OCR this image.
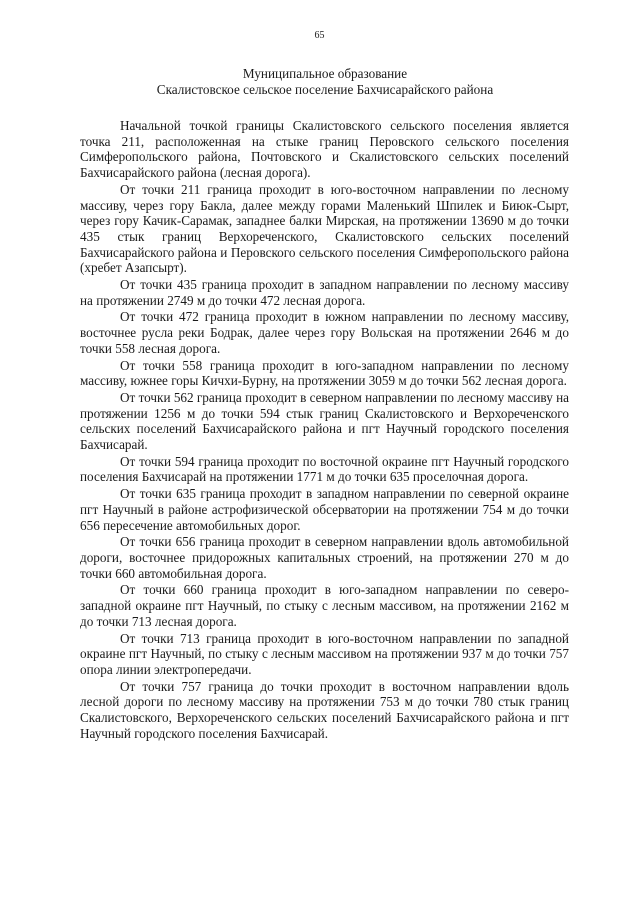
65
Муниципальное образование
Скалистовское сельское поселение Бахчисарайского района

Начальной точкой границы Скалистовского сельского поселения является точка 211, расположенная на стыке границ Перовского сельского поселения Симферопольского района, Почтовского и Скалистовского сельских поселений Бахчисарайского района (лесная дорога).

От точки 211 граница проходит в юго-восточном направлении по лесному массиву, через гору Бакла, далее между горами Маленький Шпилек и Биюк-Сырт, через гору Качик-Сарамак, западнее балки Мирская, на протяжении 13690 м до точки 435 стык границ Верхореченского, Скалистовского сельских поселений Бахчисарайского района и Перовского сельского поселения Симферопольского района (хребет Азапсырт).

От точки 435 граница проходит в западном направлении по лесному массиву на протяжении 2749 м до точки 472 лесная дорога.

От точки 472 граница проходит в южном направлении по лесному массиву, восточнее русла реки Бодрак, далее через гору Вольская на протяжении 2646 м до точки 558 лесная дорога.

От точки 558 граница проходит в юго-западном направлении по лесному массиву, южнее горы Кичхи-Бурну, на протяжении 3059 м до точки 562 лесная дорога.

От точки 562 граница проходит в северном направлении по лесному массиву на протяжении 1256 м до точки 594 стык границ Скалистовского и Верхореченского сельских поселений Бахчисарайского района и пгт Научный городского поселения Бахчисарай.

От точки 594 граница проходит по восточной окраине пгт Научный городского поселения Бахчисарай на протяжении 1771 м до точки 635 проселочная дорога.

От точки 635 граница проходит в западном направлении по северной окраине пгт Научный в районе астрофизической обсерватории на протяжении 754 м до точки 656 пересечение автомобильных дорог.

От точки 656 граница проходит в северном направлении вдоль автомобильной дороги, восточнее придорожных капитальных строений, на протяжении 270 м до точки 660 автомобильная дорога.

От точки 660 граница проходит в юго-западном направлении по северо-западной окраине пгт Научный, по стыку с лесным массивом, на протяжении 2162 м до точки 713 лесная дорога.

От точки 713 граница проходит в юго-восточном направлении по западной окраине пгт Научный, по стыку с лесным массивом на протяжении 937 м до точки 757 опора линии электропередачи.

От точки 757 граница до точки проходит в восточном направлении вдоль лесной дороги по лесному массиву на протяжении 753 м до точки 780 стык границ Скалистовского, Верхореченского сельских поселений Бахчисарайского района и пгт Научный городского поселения Бахчисарай.
